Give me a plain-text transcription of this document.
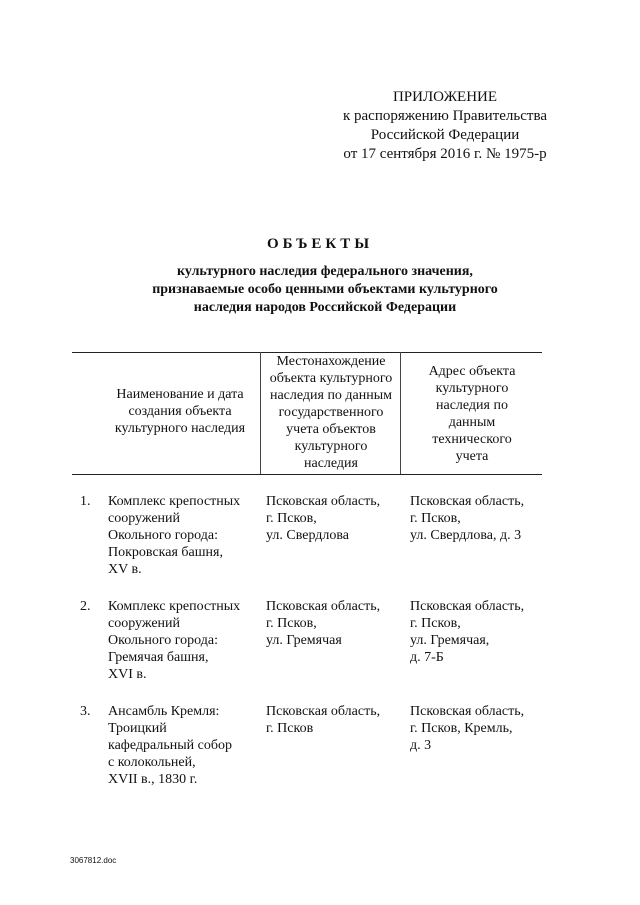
ПРИЛОЖЕНИЕ
к распоряжению Правительства
Российской Федерации
от 17 сентября 2016 г. № 1975-р
ОБЪЕКТЫ
культурного наследия федерального значения,
признаваемые особо ценными объектами культурного
наследия народов Российской Федерации
Наименование и дата
создания объекта
культурного наследия
Местонахождение
объекта культурного
наследия по данным
государственного
учета объектов
культурного
наследия
Адрес объекта
культурного
наследия по
данным
технического
учета
1. Комплекс крепостных
сооружений
Окольного города:
Покровская башня,
XV в.
Псковская область,
г. Псков,
ул. Свердлова
Псковская область,
г. Псков,
ул. Свердлова, д. 3
2. Комплекс крепостных
сооружений
Окольного города:
Гремячая башня,
XVI в.
Псковская область,
г. Псков,
ул. Гремячая
Псковская область,
г. Псков,
ул. Гремячая,
д. 7-Б
3. Ансамбль Кремля:
Троицкий
кафедральный собор
с колокольней,
XVII в., 1830 г.
Псковская область,
г. Псков
Псковская область,
г. Псков, Кремль,
д. 3
3067812.doc
